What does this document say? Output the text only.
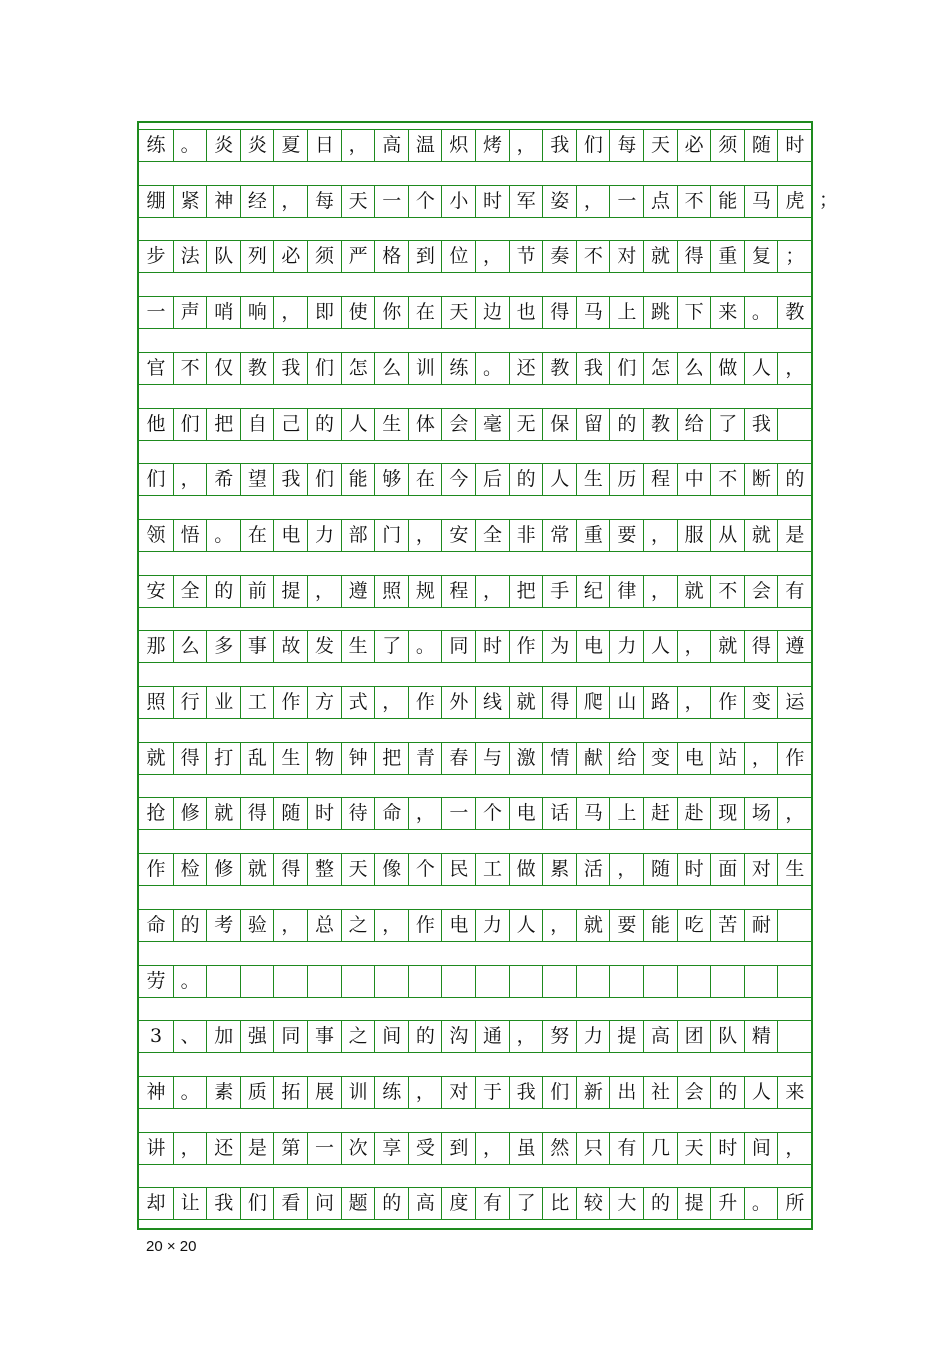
练 。 炎 炎 夏 日 ， 高 温 炽 烤 ， 我 们 每 天 必 须 随 时
绷 紧 神 经 ， 每 天 一 个 小 时 军 姿 ， 一 点 不 能 马 虎 ；
步 法 队 列 必 须 严 格 到 位 ， 节 奏 不 对 就 得 重 复 ；
一 声 哨 响 ， 即 使 你 在 天 边 也 得 马 上 跳 下 来 。 教
官 不 仅 教 我 们 怎 么 训 练 。 还 教 我 们 怎 么 做 人 ，
他 们 把 自 己 的 人 生 体 会 毫 无 保 留 的 教 给 了 我
们 ， 希 望 我 们 能 够 在 今 后 的 人 生 历 程 中 不 断 的
领 悟 。 在 电 力 部 门 ， 安 全 非 常 重 要 ， 服 从 就 是
安 全 的 前 提 ， 遵 照 规 程 ， 把 手 纪 律 ， 就 不 会 有
那 么 多 事 故 发 生 了 。 同 时 作 为 电 力 人 ， 就 得 遵
照 行 业 工 作 方 式 ， 作 外 线 就 得 爬 山 路 ， 作 变 运
就 得 打 乱 生 物 钟 把 青 春 与 激 情 献 给 变 电 站 ， 作
抢 修 就 得 随 时 待 命 ， 一 个 电 话 马 上 赶 赴 现 场 ，
作 检 修 就 得 整 天 像 个 民 工 做 累 活 ， 随 时 面 对 生
命 的 考 验 ， 总 之 ， 作 电 力 人 ， 就 要 能 吃 苦 耐
劳 。
3 、 加 强 同 事 之 间 的 沟 通 ， 努 力 提 高 团 队 精
神 。 素 质 拓 展 训 练 ， 对 于 我 们 新 出 社 会 的 人 来
讲 ， 还 是 第 一 次 享 受 到 ， 虽 然 只 有 几 天 时 间 ，
却 让 我 们 看 问 题 的 高 度 有 了 比 较 大 的 提 升 。 所
20 × 20
